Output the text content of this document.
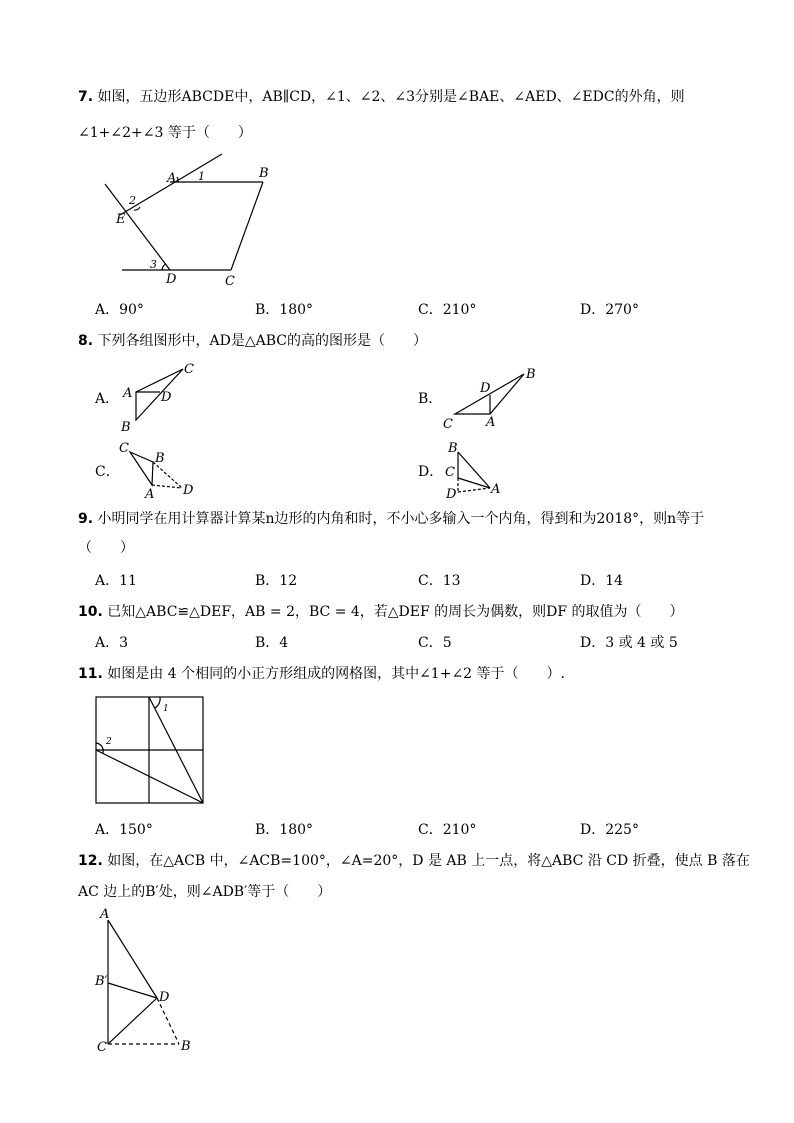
7. 如图，五边形ABCDE中，AB∥CD，∠1、∠2、∠3分别是∠BAE、∠AED、∠EDC的外角，则
∠1+∠2+∠3 等于（　　）
A	B
C
D
E
1
2
3
A．90°	B．180°	C．210°	D．270°
8. 下列各组图形中，AD是△ABC的高的图形是（　　）
A． A
C
D
B
B．
B
D
C	A
C．
C
B
A D
D．
B
C
D	A
9. 小明同学在用计算器计算某n边形的内角和时，不小心多输入一个内角，得到和为2018°，则n等于
（　　）
A．11	B．12	C．13	D．14
10. 已知△ABC≌△DEF，AB = 2，BC = 4，若△DEF 的周长为偶数，则DF 的取值为（　　）
A．3	B．4	C．5	D．3 或 4 或 5
11. 如图是由 4 个相同的小正方形组成的网格图，其中∠1+∠2 等于（　　）.
1
2
A．150°	B．180°	C．210°	D．225°
12. 如图，在△ACB 中，∠ACB=100°，∠A=20°，D 是 AB 上一点，将△ABC 沿 CD 折叠，使点 B 落在
AC 边上的B′处，则∠ADB′等于（　　）
A
B′
D
C	B
